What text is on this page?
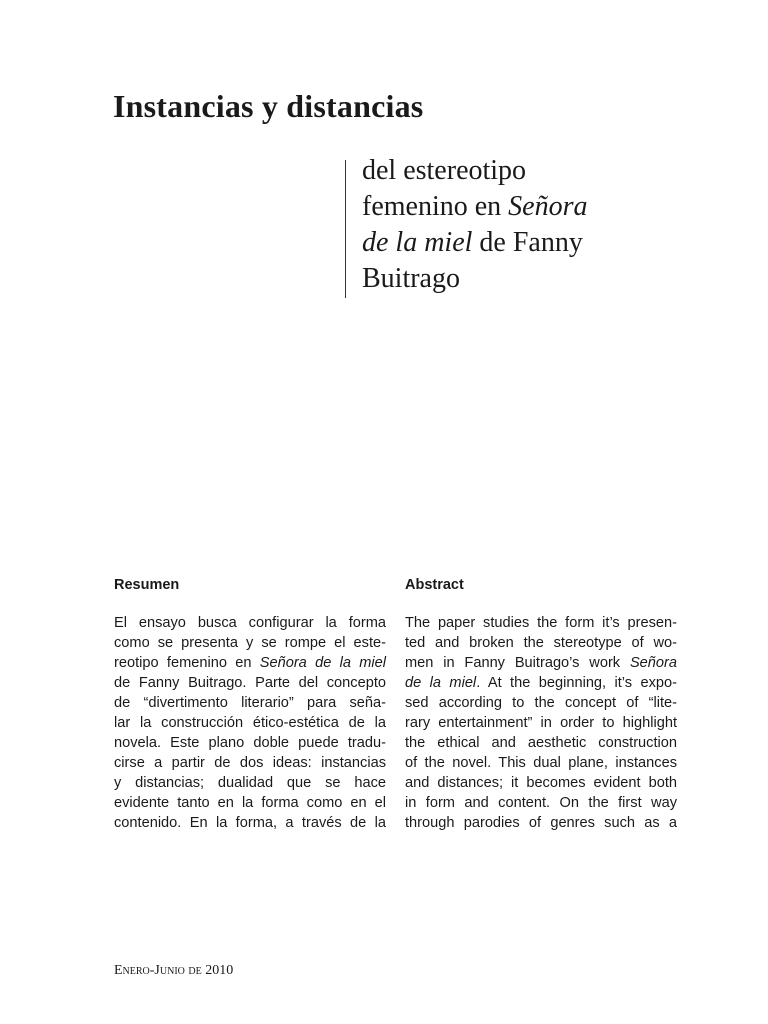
Instancias y distancias
del estereotipo
femenino en Señora
de la miel de Fanny
Buitrago
Resumen
El ensayo busca configurar la forma
como se presenta y se rompe el este-
reotipo femenino en Señora de la miel
de Fanny Buitrago. Parte del concepto
de “divertimento literario” para seña-
lar la construcción ético-estética de la
novela. Este plano doble puede tradu-
cirse a partir de dos ideas: instancias
y distancias; dualidad que se hace
evidente tanto en la forma como en el
contenido. En la forma, a través de la
Abstract
The paper studies the form it’s presen-
ted and broken the stereotype of wo-
men in Fanny Buitrago’s work Señora
de la miel. At the beginning, it’s expo-
sed according to the concept of “lite-
rary entertainment” in order to highlight
the ethical and aesthetic construction
of the novel. This dual plane, instances
and distances; it becomes evident both
in form and content. On the first way
through parodies of genres such as a
Enero-Junio de 2010
